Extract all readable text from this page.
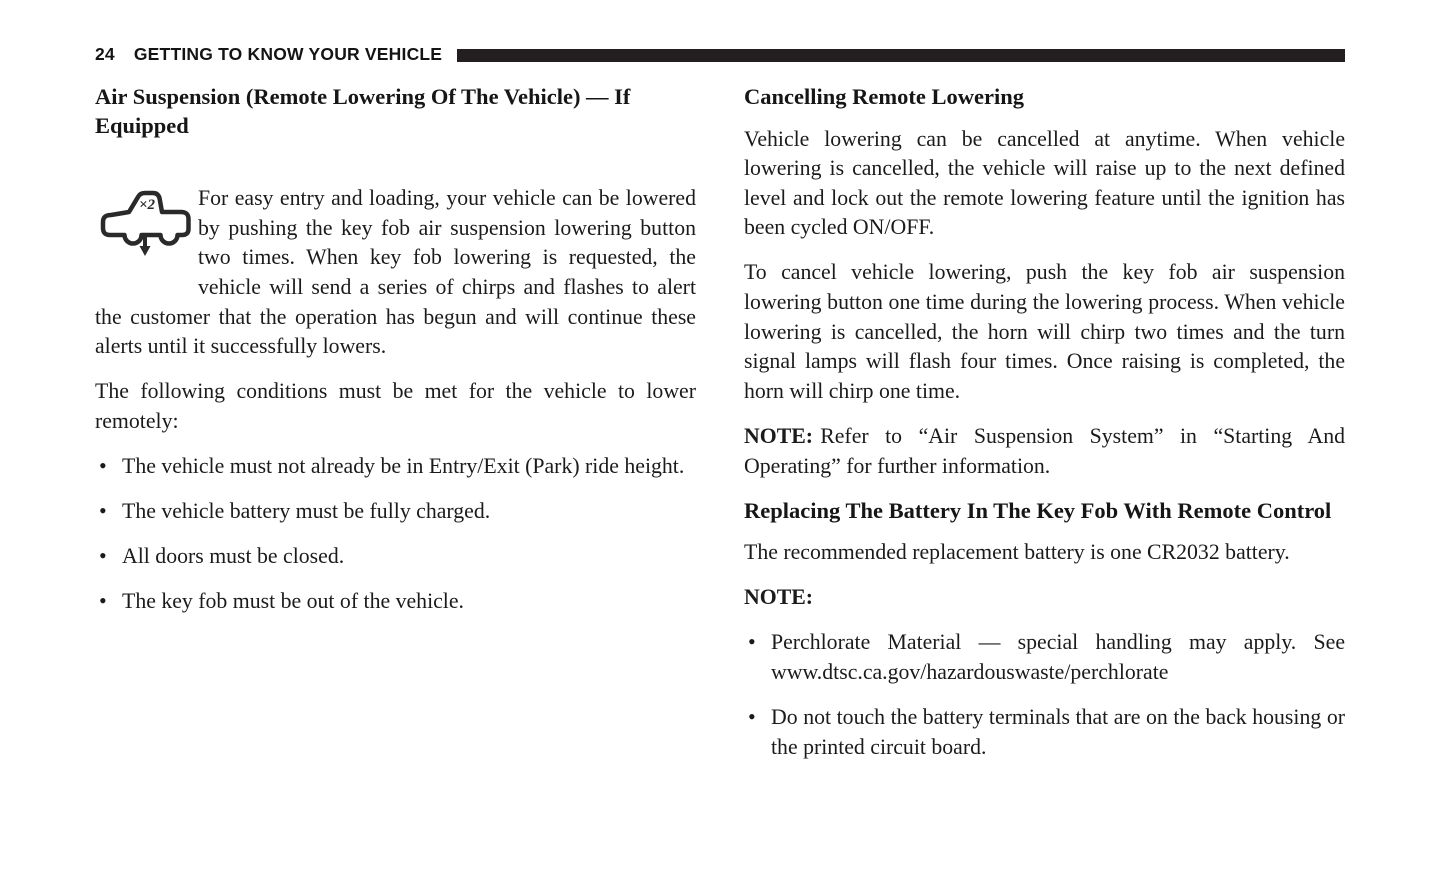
24 GETTING TO KNOW YOUR VEHICLE
Air Suspension (Remote Lowering Of The Vehicle) — If Equipped

×2 For easy entry and loading, your vehicle can be lowered by pushing the key fob air suspension lowering button two times. When key fob lowering is requested, the vehicle will send a series of chirps and flashes to alert the customer that the operation has begun and will continue these alerts until it successfully lowers.

The following conditions must be met for the vehicle to lower remotely:

• The vehicle must not already be in Entry/Exit (Park) ride height.
• The vehicle battery must be fully charged.
• All doors must be closed.
• The key fob must be out of the vehicle.
Cancelling Remote Lowering

Vehicle lowering can be cancelled at anytime. When vehicle lowering is cancelled, the vehicle will raise up to the next defined level and lock out the remote lowering feature until the ignition has been cycled ON/OFF.

To cancel vehicle lowering, push the key fob air suspension lowering button one time during the lowering process. When vehicle lowering is cancelled, the horn will chirp two times and the turn signal lamps will flash four times. Once raising is completed, the horn will chirp one time.

NOTE: Refer to “Air Suspension System” in “Starting And Operating” for further information.

Replacing The Battery In The Key Fob With Remote Control

The recommended replacement battery is one CR2032 battery.

NOTE:

• Perchlorate Material — special handling may apply. See www.dtsc.ca.gov/hazardouswaste/perchlorate
• Do not touch the battery terminals that are on the back housing or the printed circuit board.
